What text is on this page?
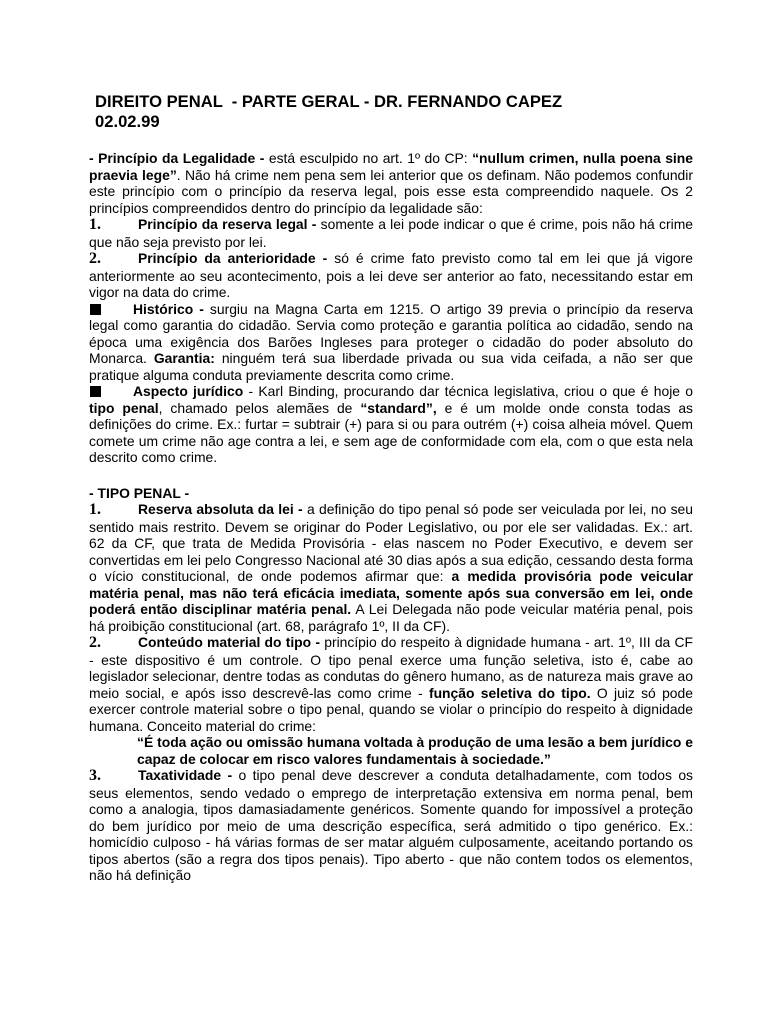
DIREITO PENAL  - PARTE GERAL - DR. FERNANDO CAPEZ
02.02.99

- Princípio da Legalidade - está esculpido no art. 1º do CP: “nullum crimen, nulla poena sine praevia lege”. Não há crime nem pena sem lei anterior que os definam. Não podemos confundir este princípio com o princípio da reserva legal, pois esse esta compreendido naquele. Os 2 princípios compreendidos dentro do princípio da legalidade são:

1.	Princípio da reserva legal - somente a lei pode indicar o que é crime, pois não há crime que não seja previsto por lei.

2.	Princípio da anterioridade - só é crime fato previsto como tal em lei que já vigore anteriormente ao seu acontecimento, pois a lei deve ser anterior ao fato, necessitando estar em vigor na data do crime.

Histórico - surgiu na Magna Carta em 1215. O artigo 39 previa o princípio da reserva legal como garantia do cidadão. Servia como proteção e garantia política ao cidadão, sendo na época uma exigência dos Barões Ingleses para proteger o cidadão do poder absoluto do Monarca. Garantia: ninguém terá sua liberdade privada ou sua vida ceifada, a não ser que pratique alguma conduta previamente descrita como crime.

Aspecto jurídico - Karl Binding, procurando dar técnica legislativa, criou o que é hoje o tipo penal, chamado pelos alemães de “standard”, e é um molde onde consta todas as definições do crime. Ex.: furtar = subtrair (+) para si ou para outrém (+) coisa alheia móvel. Quem comete um crime não age contra a lei, e sem age de conformidade com ela, com o que esta nela descrito como crime.

- TIPO PENAL -

1.	Reserva absoluta da lei - a definição do tipo penal só pode ser veiculada por lei, no seu sentido mais restrito. Devem se originar do Poder Legislativo, ou por ele ser validadas. Ex.: art. 62 da CF, que trata de Medida Provisória - elas nascem no Poder Executivo, e devem ser convertidas em lei pelo Congresso Nacional até 30 dias após a sua edição, cessando desta forma o vício constitucional, de onde podemos afirmar que: a medida provisória pode veicular matéria penal, mas não terá eficácia imediata, somente após sua conversão em lei, onde poderá então disciplinar matéria penal. A Lei Delegada não pode veicular matéria penal, pois há proibição constitucional (art. 68, parágrafo 1º, II da CF).

2.	Conteúdo material do tipo - princípio do respeito à dignidade humana - art. 1º, III da CF - este dispositivo é um controle. O tipo penal exerce uma função seletiva, isto é, cabe ao legislador selecionar, dentre todas as condutas do gênero humano, as de natureza mais grave ao meio social, e após isso descrevê-las como crime - função seletiva do tipo. O juiz só pode exercer controle material sobre o tipo penal, quando se violar o princípio do respeito à dignidade humana. Conceito material do crime:

“É toda ação ou omissão humana voltada à produção de uma lesão a bem jurídico e capaz de colocar em risco valores fundamentais à sociedade.”

3.	Taxatividade - o tipo penal deve descrever a conduta detalhadamente, com todos os seus elementos, sendo vedado o emprego de interpretação extensiva em norma penal, bem como a analogia, tipos damasiadamente genéricos. Somente quando for impossível a proteção do bem jurídico por meio de uma descrição específica, será admitido o tipo genérico. Ex.: homicídio culposo - há várias formas de ser matar alguém culposamente, aceitando portando os tipos abertos (são a regra dos tipos penais). Tipo aberto - que não contem todos os elementos, não há definição
